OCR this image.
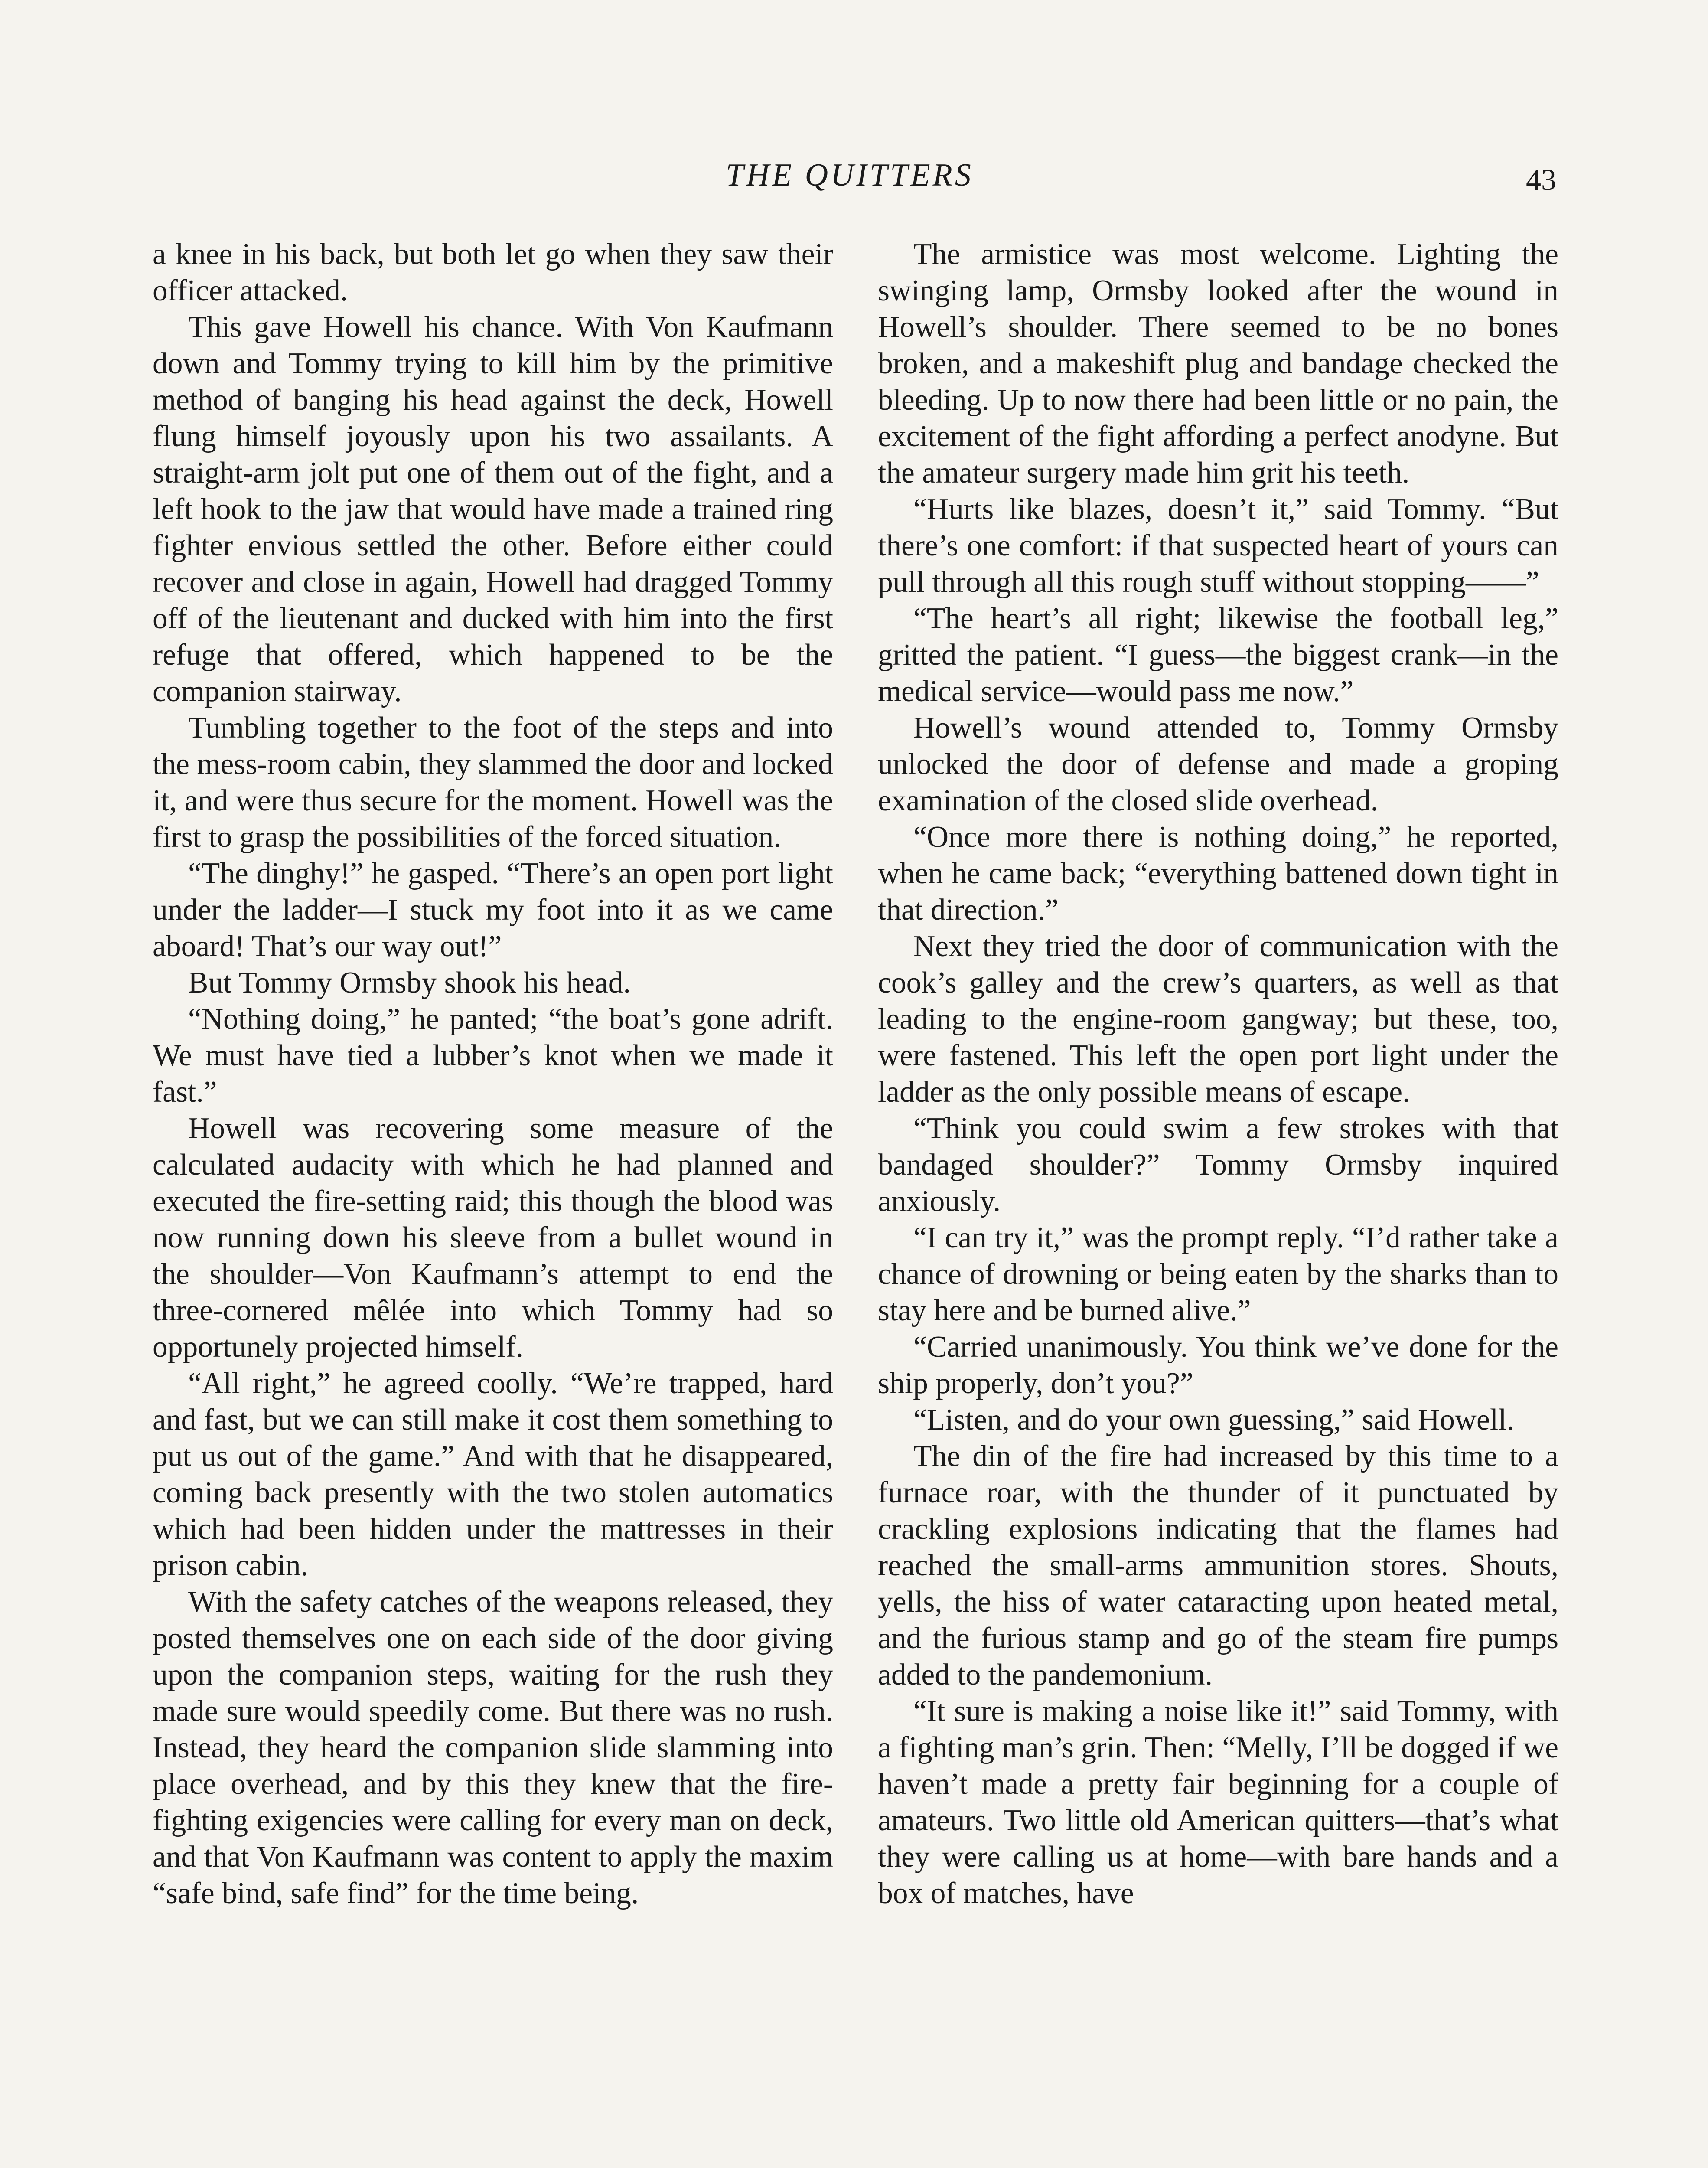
THE QUITTERS	43

a knee in his back, but both let go when they saw their officer attacked.

This gave Howell his chance. With Von Kaufmann down and Tommy trying to kill him by the primitive method of banging his head against the deck, Howell flung himself joyously upon his two assailants. A straight-arm jolt put one of them out of the fight, and a left hook to the jaw that would have made a trained ring fighter envious settled the other. Before either could recover and close in again, Howell had dragged Tommy off of the lieutenant and ducked with him into the first refuge that offered, which happened to be the companion stairway.

Tumbling together to the foot of the steps and into the mess-room cabin, they slammed the door and locked it, and were thus secure for the moment. Howell was the first to grasp the possibilities of the forced situation.

“The dinghy!” he gasped. “There’s an open port light under the ladder—I stuck my foot into it as we came aboard! That’s our way out!”

But Tommy Ormsby shook his head.

“Nothing doing,” he panted; “the boat’s gone adrift. We must have tied a lubber’s knot when we made it fast.”

Howell was recovering some measure of the calculated audacity with which he had planned and executed the fire-setting raid; this though the blood was now running down his sleeve from a bullet wound in the shoulder—Von Kaufmann’s attempt to end the three-cornered mêlée into which Tommy had so opportunely projected himself.

“All right,” he agreed coolly. “We’re trapped, hard and fast, but we can still make it cost them something to put us out of the game.” And with that he disappeared, coming back presently with the two stolen automatics which had been hidden under the mattresses in their prison cabin.

With the safety catches of the weapons released, they posted themselves one on each side of the door giving upon the companion steps, waiting for the rush they made sure would speedily come. But there was no rush. Instead, they heard the companion slide slamming into place overhead, and by this they knew that the fire-fighting exigencies were calling for every man on deck, and that Von Kaufmann was content to apply the maxim “safe bind, safe find” for the time being.

The armistice was most welcome. Lighting the swinging lamp, Ormsby looked after the wound in Howell’s shoulder. There seemed to be no bones broken, and a makeshift plug and bandage checked the bleeding. Up to now there had been little or no pain, the excitement of the fight affording a perfect anodyne. But the amateur surgery made him grit his teeth.

“Hurts like blazes, doesn’t it,” said Tommy. “But there’s one comfort: if that suspected heart of yours can pull through all this rough stuff without stopping——”

“The heart’s all right; likewise the football leg,” gritted the patient. “I guess—the biggest crank—in the medical service—would pass me now.”

Howell’s wound attended to, Tommy Ormsby unlocked the door of defense and made a groping examination of the closed slide overhead.

“Once more there is nothing doing,” he reported, when he came back; “everything battened down tight in that direction.”

Next they tried the door of communication with the cook’s galley and the crew’s quarters, as well as that leading to the engine-room gangway; but these, too, were fastened. This left the open port light under the ladder as the only possible means of escape.

“Think you could swim a few strokes with that bandaged shoulder?” Tommy Ormsby inquired anxiously.

“I can try it,” was the prompt reply. “I’d rather take a chance of drowning or being eaten by the sharks than to stay here and be burned alive.”

“Carried unanimously. You think we’ve done for the ship properly, don’t you?”

“Listen, and do your own guessing,” said Howell.

The din of the fire had increased by this time to a furnace roar, with the thunder of it punctuated by crackling explosions indicating that the flames had reached the small-arms ammunition stores. Shouts, yells, the hiss of water cataracting upon heated metal, and the furious stamp and go of the steam fire pumps added to the pandemonium.

“It sure is making a noise like it!” said Tommy, with a fighting man’s grin. Then: “Melly, I’ll be dogged if we haven’t made a pretty fair beginning for a couple of amateurs. Two little old American quitters—that’s what they were calling us at home—with bare hands and a box of matches, have
